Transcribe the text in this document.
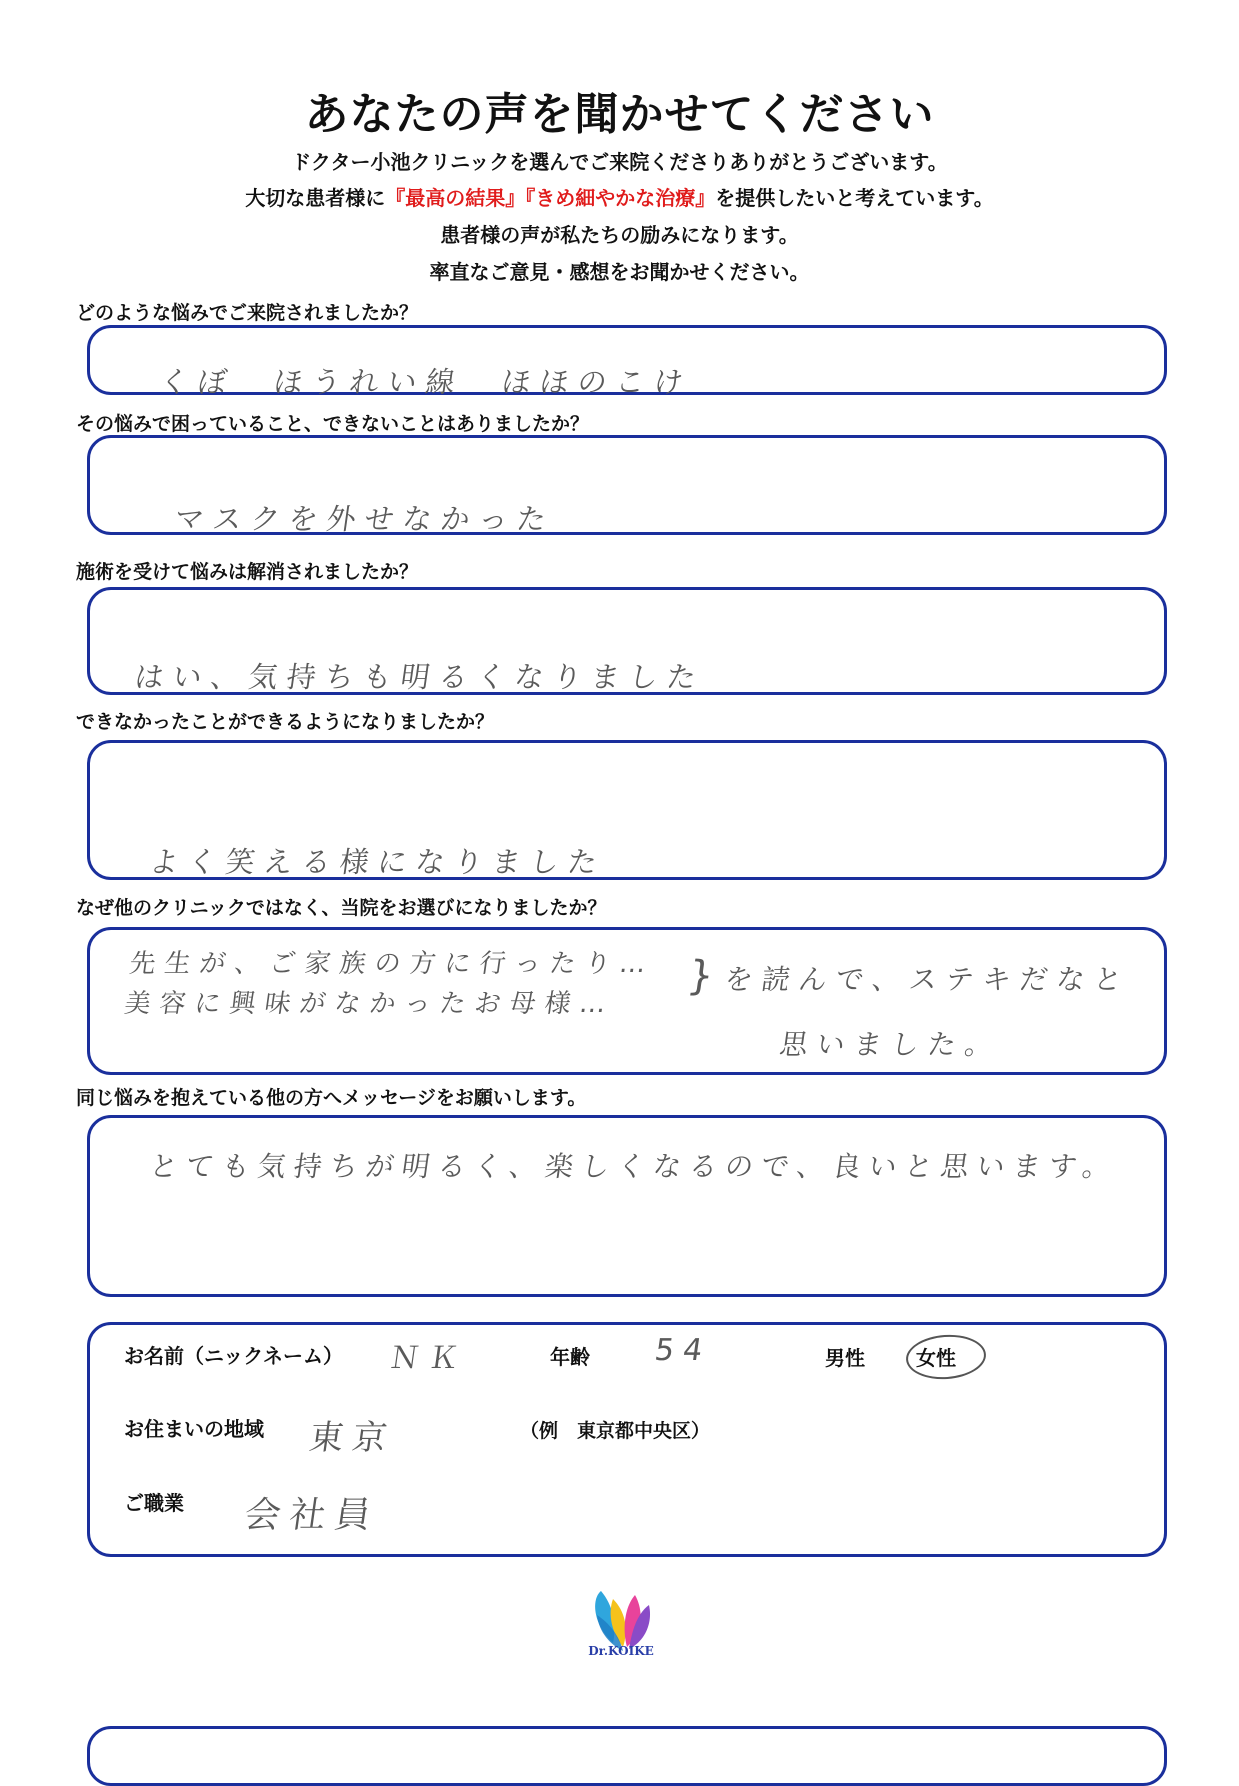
あなたの声を聞かせてください
ドクター小池クリニックを選んでご来院くださりありがとうございます。
大切な患者様に『最高の結果』『きめ細やかな治療』を提供したいと考えています。
患者様の声が私たちの励みになります。
率直なご意見・感想をお聞かせください。
どのような悩みでご来院されましたか？
くぼ　ほうれい線　ほほのこけ
その悩みで困っていること、できないことはありましたか？
マスクを外せなかった
施術を受けて悩みは解消されましたか？
はい、気持ちも明るくなりました
できなかったことができるようになりましたか？
よく笑える様になりました
なぜ他のクリニックではなく、当院をお選びになりましたか？
先生が、ご家族の方に行ったり…
美容に興味がなかったお母様…
} を読んで、ステキだなと
思いました。
同じ悩みを抱えている他の方へメッセージをお願いします。
とても気持ちが明るく、楽しくなるので、良いと思います。
お名前（ニックネーム） ＮＫ	年齢 54	男性	女性
お住まいの地域 東京	（例　東京都中央区）
ご職業 会社員
Dr.KOIKE
